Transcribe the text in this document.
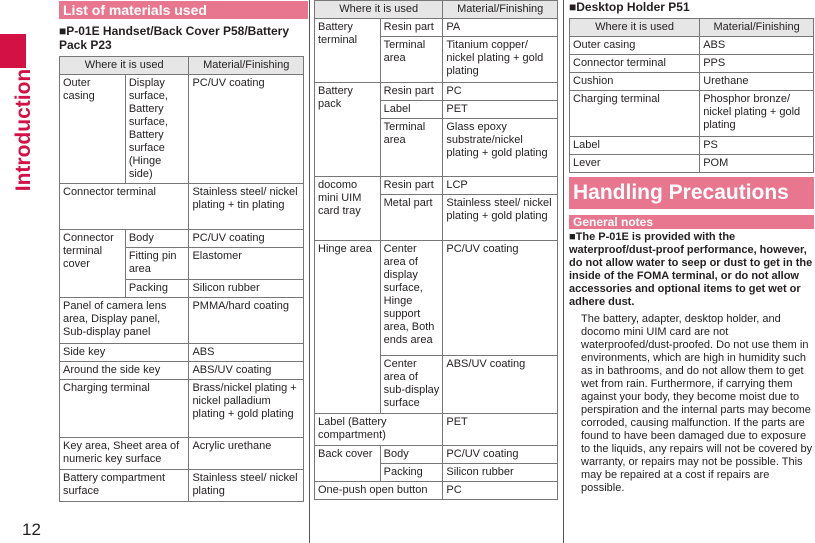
Introduction
12
List of materials used
■P-01E Handset/Back Cover P58/Battery Pack P23
Where it is used		Material/Finishing
Outer casing	Display surface, Battery surface, Battery surface (Hinge side)	PC/UV coating
Connector terminal		Stainless steel/ nickel plating + tin plating
Connector terminal cover	Body	PC/UV coating
	Fitting pin area	Elastomer
	Packing	Silicon rubber
Panel of camera lens area, Display panel, Sub-display panel		PMMA/hard coating
Side key		ABS
Around the side key		ABS/UV coating
Charging terminal		Brass/nickel plating + nickel palladium plating + gold plating
Key area, Sheet area of numeric key surface		Acrylic urethane
Battery compartment surface		Stainless steel/ nickel plating
Where it is used		Material/Finishing
Battery terminal	Resin part	PA
	Terminal area	Titanium copper/ nickel plating + gold plating
Battery pack	Resin part	PC
	Label	PET
	Terminal area	Glass epoxy substrate/nickel plating + gold plating
docomo mini UIM card tray	Resin part	LCP
	Metal part	Stainless steel/ nickel plating + gold plating
Hinge area	Center area of display surface, Hinge support area, Both ends area	PC/UV coating
	Center area of sub-display surface	ABS/UV coating
Label (Battery compartment)		PET
Back cover	Body	PC/UV coating
	Packing	Silicon rubber
One-push open button		PC
■Desktop Holder P51
Where it is used	Material/Finishing
Outer casing	ABS
Connector terminal	PPS
Cushion	Urethane
Charging terminal	Phosphor bronze/ nickel plating + gold plating
Label	PS
Lever	POM
Handling Precautions
General notes
■The P-01E is provided with the waterproof/dust-proof performance, however, do not allow water to seep or dust to get in the inside of the FOMA terminal, or do not allow accessories and optional items to get wet or adhere dust.
The battery, adapter, desktop holder, and docomo mini UIM card are not waterproofed/dust-proofed. Do not use them in environments, which are high in humidity such as in bathrooms, and do not allow them to get wet from rain. Furthermore, if carrying them against your body, they become moist due to perspiration and the internal parts may become corroded, causing malfunction. If the parts are found to have been damaged due to exposure to the liquids, any repairs will not be covered by warranty, or repairs may not be possible. This may be repaired at a cost if repairs are possible.
